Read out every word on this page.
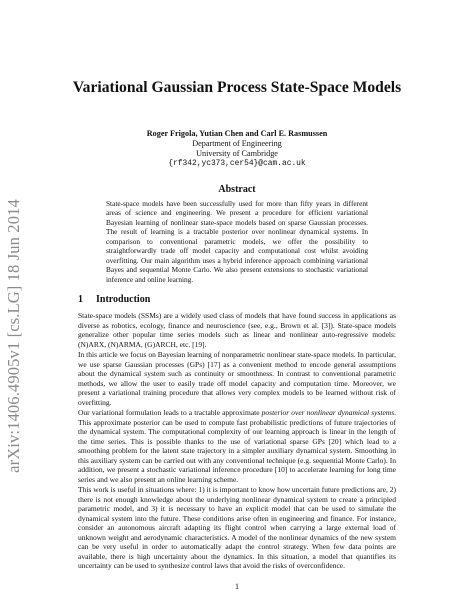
arXiv:1406.4905v1 [cs.LG] 18 Jun 2014
Variational Gaussian Process State-Space Models
Roger Frigola, Yutian Chen and Carl E. Rasmussen
Department of Engineering
University of Cambridge
{rf342,yc373,cer54}@cam.ac.uk
Abstract
State-space models have been successfully used for more than fifty years in different areas of science and engineering. We present a procedure for efficient variational Bayesian learning of nonlinear state-space models based on sparse Gaussian processes. The result of learning is a tractable posterior over nonlinear dynamical systems. In comparison to conventional parametric models, we offer the possibility to straightforwardly trade off model capacity and computational cost whilst avoiding overfitting. Our main algorithm uses a hybrid inference approach combining variational Bayes and sequential Monte Carlo. We also present extensions to stochastic variational inference and online learning.
1 Introduction

State-space models (SSMs) are a widely used class of models that have found success in applications as diverse as robotics, ecology, finance and neuroscience (see, e.g., Brown et al. [3]). State-space models generalize other popular time series models such as linear and nonlinear auto-regressive models: (N)ARX, (N)ARMA, (G)ARCH, etc. [19].

In this article we focus on Bayesian learning of nonparametric nonlinear state-space models. In particular, we use sparse Gaussian processes (GPs) [17] as a convenient method to encode general assumptions about the dynamical system such as continuity or smoothness. In contrast to conventional parametric methods, we allow the user to easily trade off model capacity and computation time. Moreover, we present a variational training procedure that allows very complex models to be learned without risk of overfitting.

Our variational formulation leads to a tractable approximate posterior over nonlinear dynamical systems. This approximate posterior can be used to compute fast probabilistic predictions of future trajectories of the dynamical system. The computational complexity of our learning approach is linear in the length of the time series. This is possible thanks to the use of variational sparse GPs [20] which lead to a smoothing problem for the latent state trajectory in a simpler auxiliary dynamical system. Smoothing in this auxiliary system can be carried out with any conventional technique (e.g. sequential Monte Carlo). In addition, we present a stochastic variational inference procedure [10] to accelerate learning for long time series and we also present an online learning scheme.

This work is useful in situations where: 1) it is important to know how uncertain future predictions are, 2) there is not enough knowledge about the underlying nonlinear dynamical system to create a principled parametric model, and 3) it is necessary to have an explicit model that can be used to simulate the dynamical system into the future. These conditions arise often in engineering and finance. For instance, consider an autonomous aircraft adapting its flight control when carrying a large external load of unknown weight and aerodynamic characteristics. A model of the nonlinear dynamics of the new system can be very useful in order to automatically adapt the control strategy. When few data points are available, there is high uncertainty about the dynamics. In this situation, a model that quantifies its uncertainty can be used to synthesize control laws that avoid the risks of overconfidence.

1
